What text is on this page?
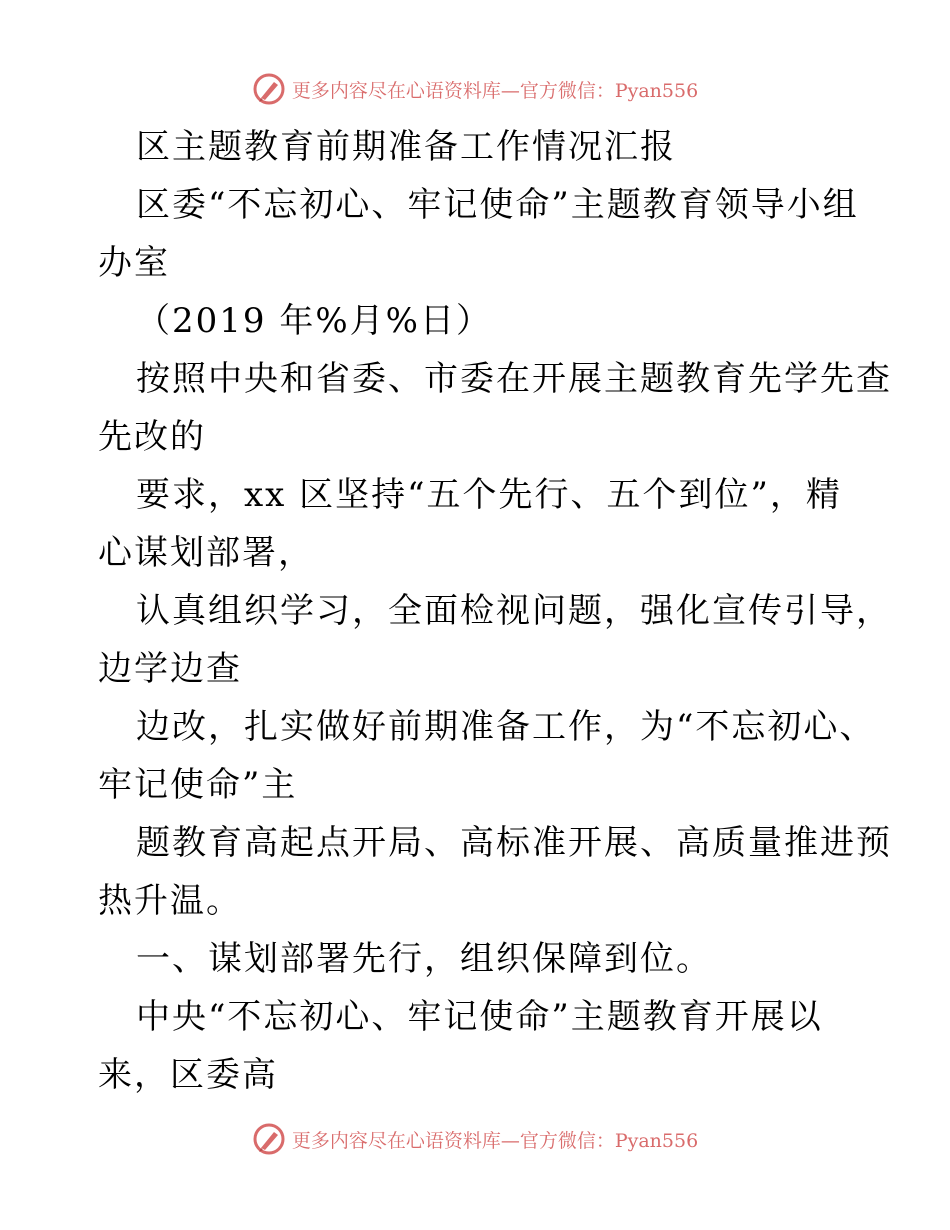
更多内容尽在心语资料库—官方微信：Pyan556

区主题教育前期准备工作情况汇报

区委“不忘初心、牢记使命”主题教育领导小组

办室

（2019 年%月%日）

按照中央和省委、市委在开展主题教育先学先查

先改的

要求，xx 区坚持“五个先行、五个到位”，精

心谋划部署，

认真组织学习，全面检视问题，强化宣传引导，

边学边查

边改，扎实做好前期准备工作，为“不忘初心、

牢记使命”主

题教育高起点开局、高标准开展、高质量推进预

热升温。

一、谋划部署先行，组织保障到位。

中央“不忘初心、牢记使命”主题教育开展以

来，区委高

更多内容尽在心语资料库—官方微信：Pyan556
